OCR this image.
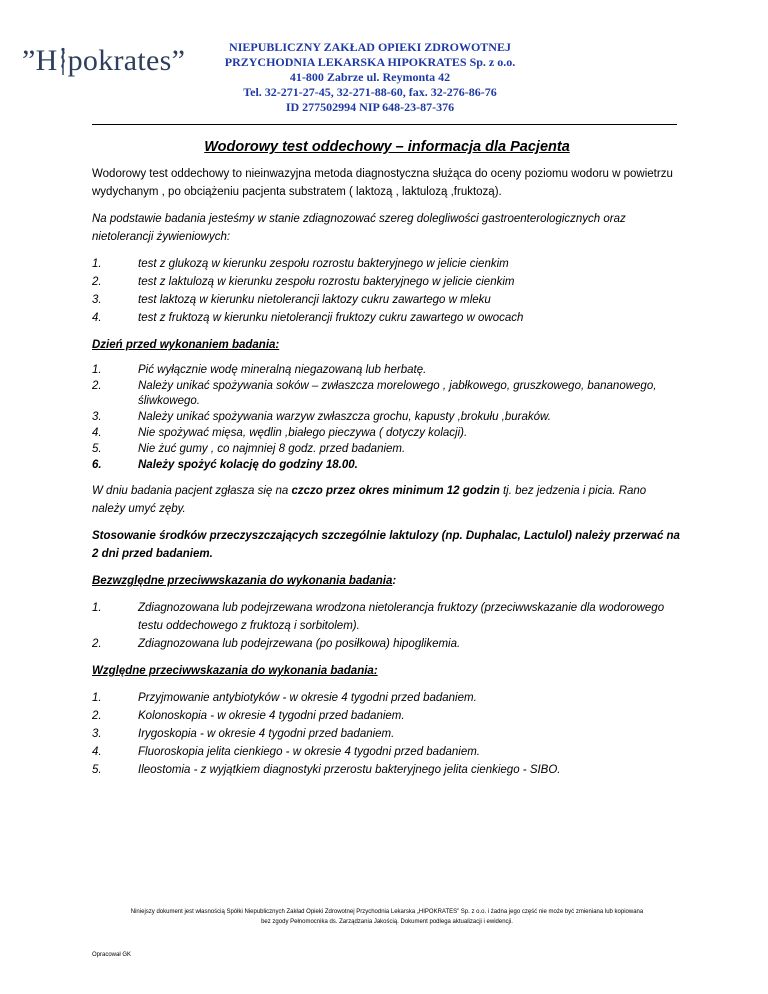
”H pokrates”	NIEPUBLICZNY ZAKŁAD OPIEKI ZDROWOTNEJ
PRZYCHODNIA LEKARSKA HIPOKRATES Sp. z o.o.
41-800 Zabrze ul. Reymonta 42
Tel. 32-271-27-45, 32-271-88-60, fax. 32-276-86-76
ID 277502994 NIP 648-23-87-376
Wodorowy test oddechowy – informacja dla Pacjenta

Wodorowy test oddechowy to nieinwazyjna metoda diagnostyczna służąca do oceny poziomu wodoru w powietrzu wydychanym , po obciążeniu pacjenta substratem ( laktozą , laktulozą ,fruktozą).

Na podstawie badania jesteśmy w stanie zdiagnozować szereg dolegliwości gastroenterologicznych oraz nietolerancji żywieniowych:

1.	test z glukozą w kierunku zespołu rozrostu bakteryjnego w jelicie cienkim
2.	test z laktulozą w kierunku zespołu rozrostu bakteryjnego w jelicie cienkim
3.	test laktozą w kierunku nietolerancji laktozy cukru zawartego w mleku
4.	test z fruktozą w kierunku nietolerancji fruktozy cukru zawartego w owocach

Dzień przed wykonaniem badania:

1.	Pić wyłącznie wodę mineralną niegazowaną lub herbatę.
2.	Należy unikać spożywania soków – zwłaszcza morelowego , jabłkowego, gruszkowego, bananowego, śliwkowego.
3.	Należy unikać spożywania warzyw zwłaszcza grochu, kapusty ,brokułu ,buraków.
4.	Nie spożywać mięsa, wędlin ,białego pieczywa ( dotyczy kolacji).
5.	Nie żuć gumy , co najmniej 8 godz. przed badaniem.
6.	Należy spożyć kolację do godziny 18.00.

W dniu badania pacjent zgłasza się na czczo przez okres minimum 12 godzin tj. bez jedzenia i picia. Rano należy umyć zęby.

Stosowanie środków przeczyszczających szczególnie laktulozy (np. Duphalac, Lactulol) należy przerwać na 2 dni przed badaniem.

Bezwzględne przeciwwskazania do wykonania badania:

1.	Zdiagnozowana lub podejrzewana wrodzona nietolerancja fruktozy (przeciwwskazanie dla wodorowego testu oddechowego z fruktozą i sorbitolem).
2.	Zdiagnozowana lub podejrzewana (po posiłkowa) hipoglikemia.

Względne przeciwwskazania do wykonania badania:

1.	Przyjmowanie antybiotyków - w okresie 4 tygodni przed badaniem.
2.	Kolonoskopia - w okresie 4 tygodni przed badaniem.
3.	Irygoskopia - w okresie 4 tygodni przed badaniem.
4.	Fluoroskopia jelita cienkiego - w okresie 4 tygodni przed badaniem.
5.	Ileostomia - z wyjątkiem diagnostyki przerostu bakteryjnego jelita cienkiego - SIBO.
Niniejszy dokument jest własnością Spółki Niepublicznych Zakład Opieki Zdrowotnej Przychodnia Lekarska „HIPOKRATES” Sp. z o.o. i żadna jego część nie może być zmieniana lub kopiowana
bez zgody Pełnomocnika ds. Zarządzania Jakością. Dokument podlega aktualizacji i ewidencji.
Opracował GK
